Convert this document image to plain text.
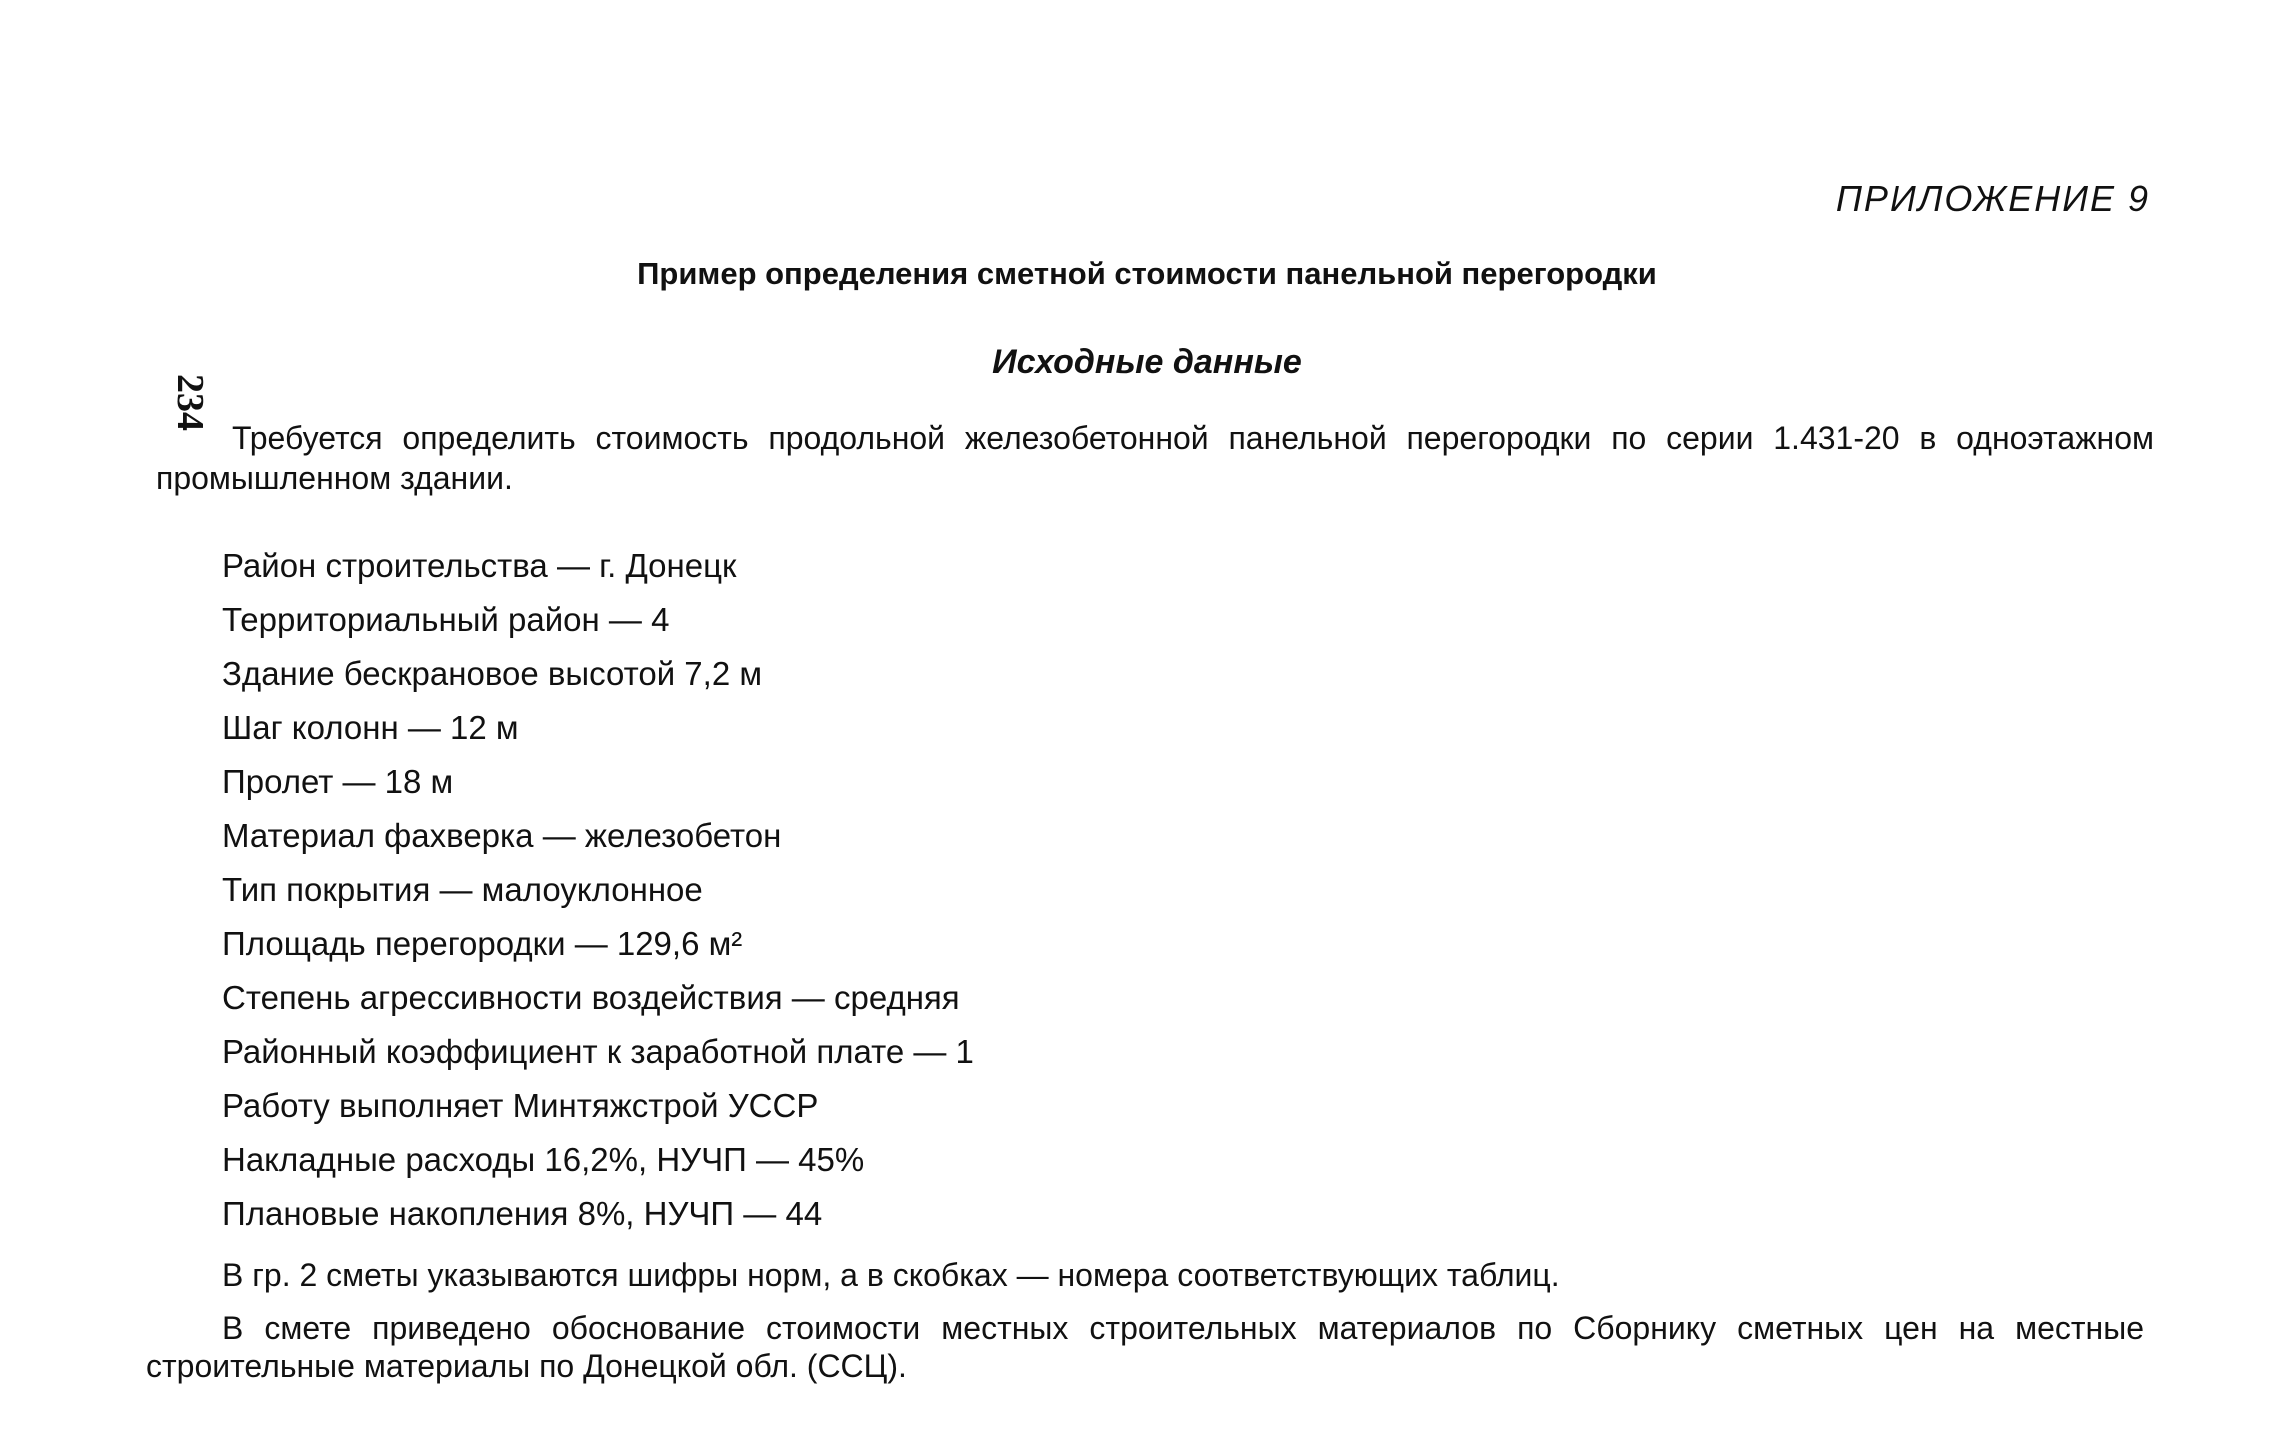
234
ПРИЛОЖЕНИЕ 9
Пример определения сметной стоимости панельной перегородки
Исходные данные
Требуется определить стоимость продольной железобетонной панельной перегородки по серии 1.431-20 в одноэтажном промышленном здании.
Район строительства — г. Донецк
Территориальный район — 4
Здание бескрановое высотой 7,2 м
Шаг колонн — 12 м
Пролет — 18 м
Материал фахверка — железобетон
Тип покрытия — малоуклонное
Площадь перегородки — 129,6 м²
Степень агрессивности воздействия — средняя
Районный коэффициент к заработной плате — 1
Работу выполняет Минтяжстрой УССР
Накладные расходы 16,2%, НУЧП — 45%
Плановые накопления 8%, НУЧП — 44
В гр. 2 сметы указываются шифры норм, а в скобках — номера соответствующих таблиц.
В смете приведено обоснование стоимости местных строительных материалов по Сборнику сметных цен на местные строительные материалы по Донецкой обл. (ССЦ).
